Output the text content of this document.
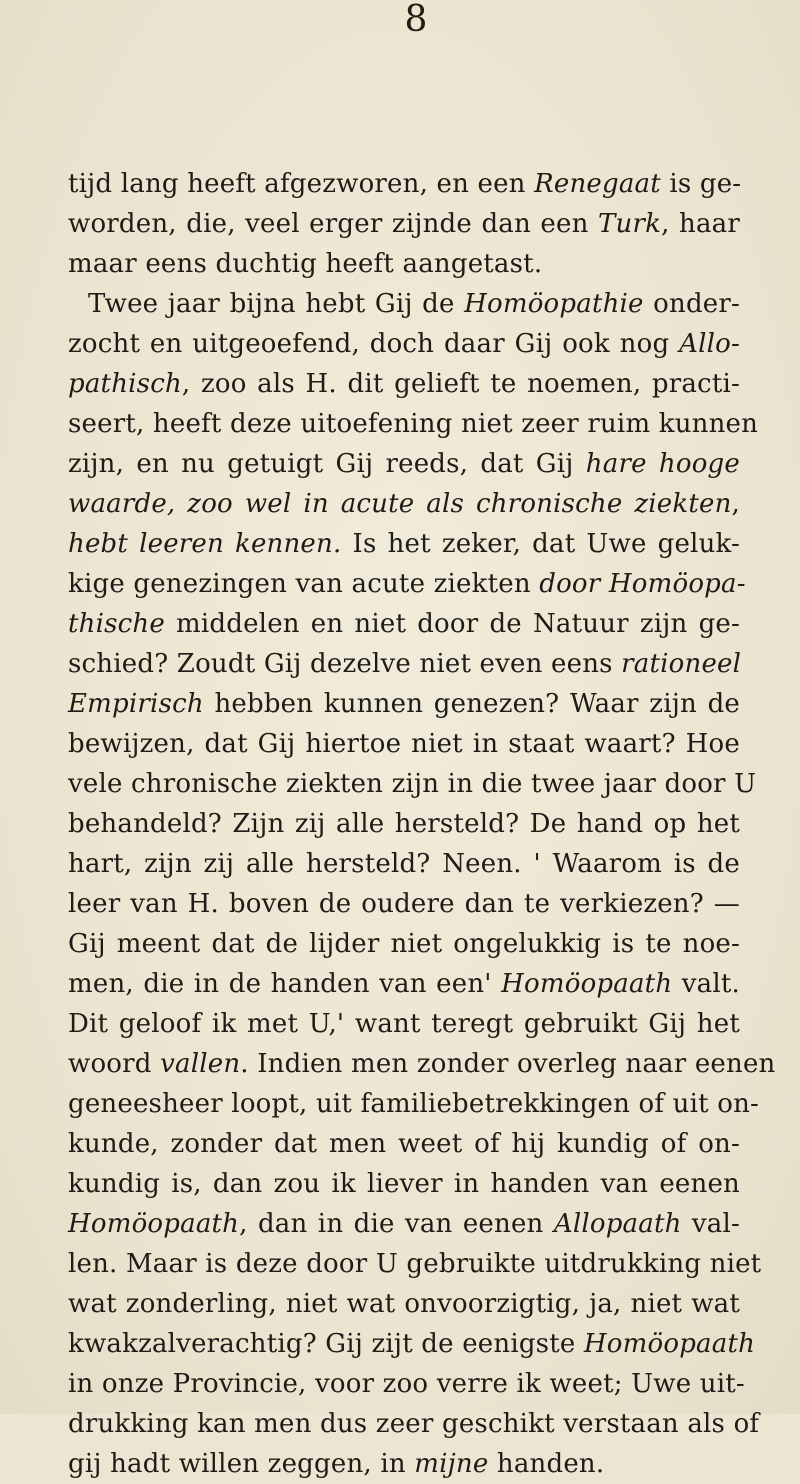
8
tijd lang heeft afgezworen, en een Renegaat is ge-
worden, die, veel erger zijnde dan een Turk, haar
maar eens duchtig heeft aangetast.
Twee jaar bijna hebt Gij de Homöopathie onder-
zocht en uitgeoefend, doch daar Gij ook nog Allo-
pathisch, zoo als H. dit gelieft te noemen, practi-
seert, heeft deze uitoefening niet zeer ruim kunnen
zijn, en nu getuigt Gij reeds, dat Gij hare hooge
waarde, zoo wel in acute als chronische ziekten,
hebt leeren kennen. Is het zeker, dat Uwe geluk-
kige genezingen van acute ziekten door Homöopa-
thische middelen en niet door de Natuur zijn ge-
schied? Zoudt Gij dezelve niet even eens rationeel
Empirisch hebben kunnen genezen? Waar zijn de
bewijzen, dat Gij hiertoe niet in staat waart? Hoe
vele chronische ziekten zijn in die twee jaar door U
behandeld? Zijn zij alle hersteld? De hand op het
hart, zijn zij alle hersteld? Neen. ' Waarom is de
leer van H. boven de oudere dan te verkiezen? —
Gij meent dat de lijder niet ongelukkig is te noe-
men, die in de handen van een' Homöopaath valt.
Dit geloof ik met U,' want teregt gebruikt Gij het
woord vallen. Indien men zonder overleg naar eenen
geneesheer loopt, uit familiebetrekkingen of uit on-
kunde, zonder dat men weet of hij kundig of on-
kundig is, dan zou ik liever in handen van eenen
Homöopaath, dan in die van eenen Allopaath val-
len. Maar is deze door U gebruikte uitdrukking niet
wat zonderling, niet wat onvoorzigtig, ja, niet wat
kwakzalverachtig? Gij zijt de eenigste Homöopaath
in onze Provincie, voor zoo verre ik weet; Uwe uit-
drukking kan men dus zeer geschikt verstaan als of
gij hadt willen zeggen, in mijne handen.
